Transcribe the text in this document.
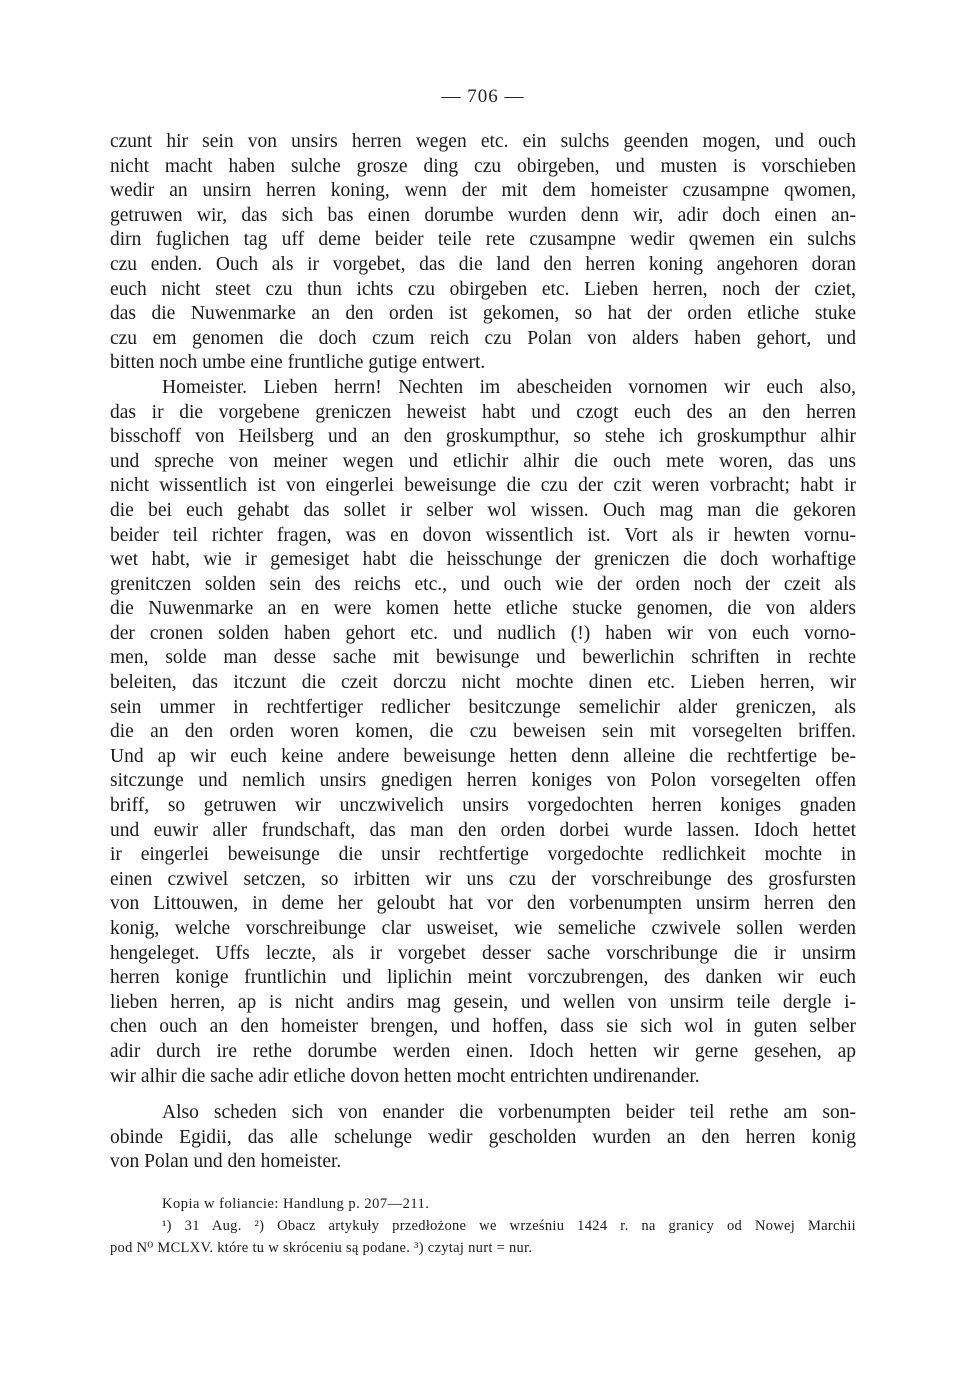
— 706 —
czunt hir sein von unsirs herren wegen etc. ein sulchs geenden mogen, und ouch
nicht macht haben sulche grosze ding czu obirgeben, und musten is vorschieben
wedir an unsirn herren koning, wenn der mit dem homeister czusampne qwomen,
getruwen wir, das sich bas einen dorumbe wurden denn wir, adir doch einen an-
dirn fuglichen tag uff deme beider teile rete czusampne wedir qwemen ein sulchs
czu enden. Ouch als ir vorgebet, das die land den herren koning angehoren doran
euch nicht steet czu thun ichts czu obirgeben etc. Lieben herren, noch der cziet,
das die Nuwenmarke an den orden ist gekomen, so hat der orden etliche stuke
czu em genomen die doch czum reich czu Polan von alders haben gehort, und
bitten noch umbe eine fruntliche gutige entwert.
Homeister. Lieben herrn! Nechten im abescheiden vornomen wir euch also,
das ir die vorgebene greniczen heweist habt und czogt euch des an den herren
bisschoff von Heilsberg und an den groskumpthur, so stehe ich groskumpthur alhir
und spreche von meiner wegen und etlichir alhir die ouch mete woren, das uns
nicht wissentlich ist von eingerlei beweisunge die czu der czit weren vorbracht; habt ir
die bei euch gehabt das sollet ir selber wol wissen. Ouch mag man die gekoren
beider teil richter fragen, was en dovon wissentlich ist. Vort als ir hewten vornu-
wet habt, wie ir gemesiget habt die heisschunge der greniczen die doch worhaftige
grenitczen solden sein des reichs etc., und ouch wie der orden noch der czeit als
die Nuwenmarke an en were komen hette etliche stucke genomen, die von alders
der cronen solden haben gehort etc. und nudlich (!) haben wir von euch vorno-
men, solde man desse sache mit bewisunge und bewerlichin schriften in rechte
beleiten, das itczunt die czeit dorczu nicht mochte dinen etc. Lieben herren, wir
sein ummer in rechtfertiger redlicher besitczunge semelichir alder greniczen, als
die an den orden woren komen, die czu beweisen sein mit vorsegelten briffen.
Und ap wir euch keine andere beweisunge hetten denn alleine die rechtfertige be-
sitczunge und nemlich unsirs gnedigen herren koniges von Polon vorsegelten offen
briff, so getruwen wir unczwivelich unsirs vorgedochten herren koniges gnaden
und euwir aller frundschaft, das man den orden dorbei wurde lassen. Idoch hettet
ir eingerlei beweisunge die unsir rechtfertige vorgedochte redlichkeit mochte in
einen czwivel setczen, so irbitten wir uns czu der vorschreibunge des grosfursten
von Littouwen, in deme her geloubt hat vor den vorbenumpten unsirm herren den
konig, welche vorschreibunge clar usweiset, wie semeliche czwivele sollen werden
hengeleget. Uffs leczte, als ir vorgebet desser sache vorschribunge die ir unsirm
herren konige fruntlichin und liplichin meint vorczubrengen, des danken wir euch
lieben herren, ap is nicht andirs mag gesein, und wellen von unsirm teile dergle i-
chen ouch an den homeister brengen, und hoffen, dass sie sich wol in guten selber
adir durch ire rethe dorumbe werden einen. Idoch hetten wir gerne gesehen, ap
wir alhir die sache adir etliche dovon hetten mocht entrichten undirenander.
Also scheden sich von enander die vorbenumpten beider teil rethe am son-
obinde Egidii, das alle schelunge wedir gescholden wurden an den herren konig
von Polan und den homeister.
Kopia w foliancie: Handlung p. 207—211.
¹) 31 Aug. ²) Obacz artykuły przedłożone we wrześniu 1424 r. na granicy od Nowej Marchii
pod N⁰ MCLXV. które tu w skróceniu są podane. ³) czytaj nurt = nur.
